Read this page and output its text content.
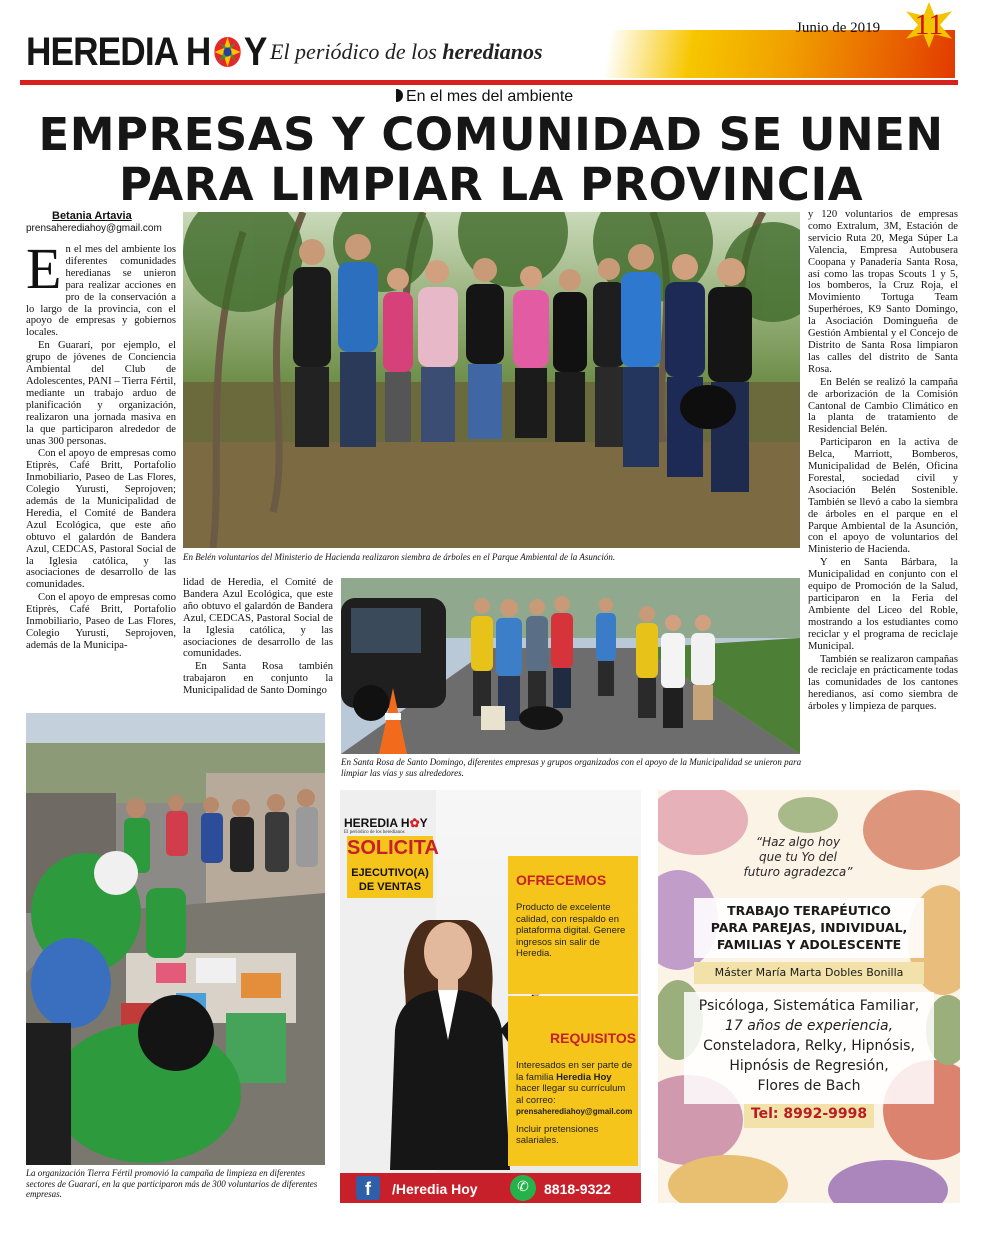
HEREDIA H Y El periódico de los heredianos
Junio de 2019 11
En el mes del ambiente
EMPRESAS Y COMUNIDAD SE UNEN
PARA LIMPIAR LA PROVINCIA
Betania Artavia
prensaherediahoy@gmail.com

En el mes del ambiente los diferentes comunidades heredianas se unieron para realizar acciones en pro de la conservación a lo largo de la provincia, con el apoyo de empresas y gobiernos locales.

En Guararí, por ejemplo, el grupo de jóvenes de Conciencia Ambiental del Club de Adolescentes, PANI – Tierra Fértil, mediante un trabajo arduo de planificación y organización, realizaron una jornada masiva en la que participaron alrededor de unas 300 personas.

Con el apoyo de empresas como Etiprès, Café Britt, Portafolio Inmobiliario, Paseo de Las Flores, Colegio Yurusti, Seprojoven; además de la Municipalidad de Heredia, el Comité de Bandera Azul Ecológica, que este año obtuvo el galardón de Bandera Azul, CEDCAS, Pastoral Social de la Iglesia católica, y las asociaciones de desarrollo de las comunidades.

Con el apoyo de empresas como Etiprès, Café Britt, Portafolio Inmobiliario, Paseo de Las Flores, Colegio Yurusti, Seprojoven, además de la Municipa-

En Belén voluntarios del Ministerio de Hacienda realizaron siembra de árboles en el Parque Ambiental de la Asunción.

y 120 voluntarios de empresas como Extralum, 3M, Estación de servicio Ruta 20, Mega Súper La Valencia, Empresa Autobusera Coopana y Panadería Santa Rosa, así como las tropas Scouts 1 y 5, los bomberos, la Cruz Roja, el Movimiento Tortuga Team Superhéroes, K9 Santo Domingo, la Asociación Domingueña de Gestión Ambiental y el Concejo de Distrito de Santa Rosa limpiaron las calles del distrito de Santa Rosa.

En Belén se realizó la campaña de arborización de la Comisión Cantonal de Cambio Climático en la planta de tratamiento de Residencial Belén.

Participaron en la activa de Belca, Marriott, Bomberos, Municipalidad de Belén, Oficina Forestal, sociedad civil y Asociación Belén Sostenible. También se llevó a cabo la siembra de árboles en el parque en el Parque Ambiental de la Asunción, con el apoyo de voluntarios del Ministerio de Hacienda.

Y en Santa Bárbara, la Municipalidad en conjunto con el equipo de Promoción de la Salud, participaron en la Feria del Ambiente del Liceo del Roble, mostrando a los estudiantes como reciclar y el programa de reciclaje Municipal.

También se realizaron campañas de reciclaje en prácticamente todas las comunidades de los cantones heredianos, así como siembra de árboles y limpieza de parques.

lidad de Heredia, el Comité de Bandera Azul Ecológica, que este año obtuvo el galardón de Bandera Azul, CEDCAS, Pastoral Social de la Iglesia católica, y las asociaciones de desarrollo de las comunidades.

En Santa Rosa también trabajaron en conjunto la Municipalidad de Santo Domingo

En Santa Rosa de Santo Domingo, diferentes empresas y grupos organizados con el apoyo de la Municipalidad se unieron para limpiar las vías y sus alrededores.
La organización Tierra Fértil promovió la campaña de limpieza en diferentes sectores de Guararí, en la que participaron más de 300 voluntarios de diferentes empresas.
HEREDIA H✿Y
El periódico de los heredianos
SOLICITA
EJECUTIVO(A)
DE VENTAS	OFRECEMOS
Producto de excelente calidad, con respaldo en plataforma digital. Genere ingresos sin salir de Heredia.
REQUISITOS
Interesados en ser parte de la familia Heredia Hoy hacer llegar su currículum al correo:
prensaherediahoy@gmail.com
Incluir pretensiones salariales.
f	/Heredia Hoy	✆	8818-9322
“Haz algo hoy
que tu Yo del
futuro agradezca”
TRABAJO TERAPÉUTICO
PARA PAREJAS, INDIVIDUAL,
FAMILIAS Y ADOLESCENTE
Máster María Marta Dobles Bonilla
Psicóloga, Sistemática Familiar,
17 años de experiencia,
Consteladora, Relky, Hipnósis,
Hipnósis de Regresión,
Flores de Bach
Tel: 8992-9998
